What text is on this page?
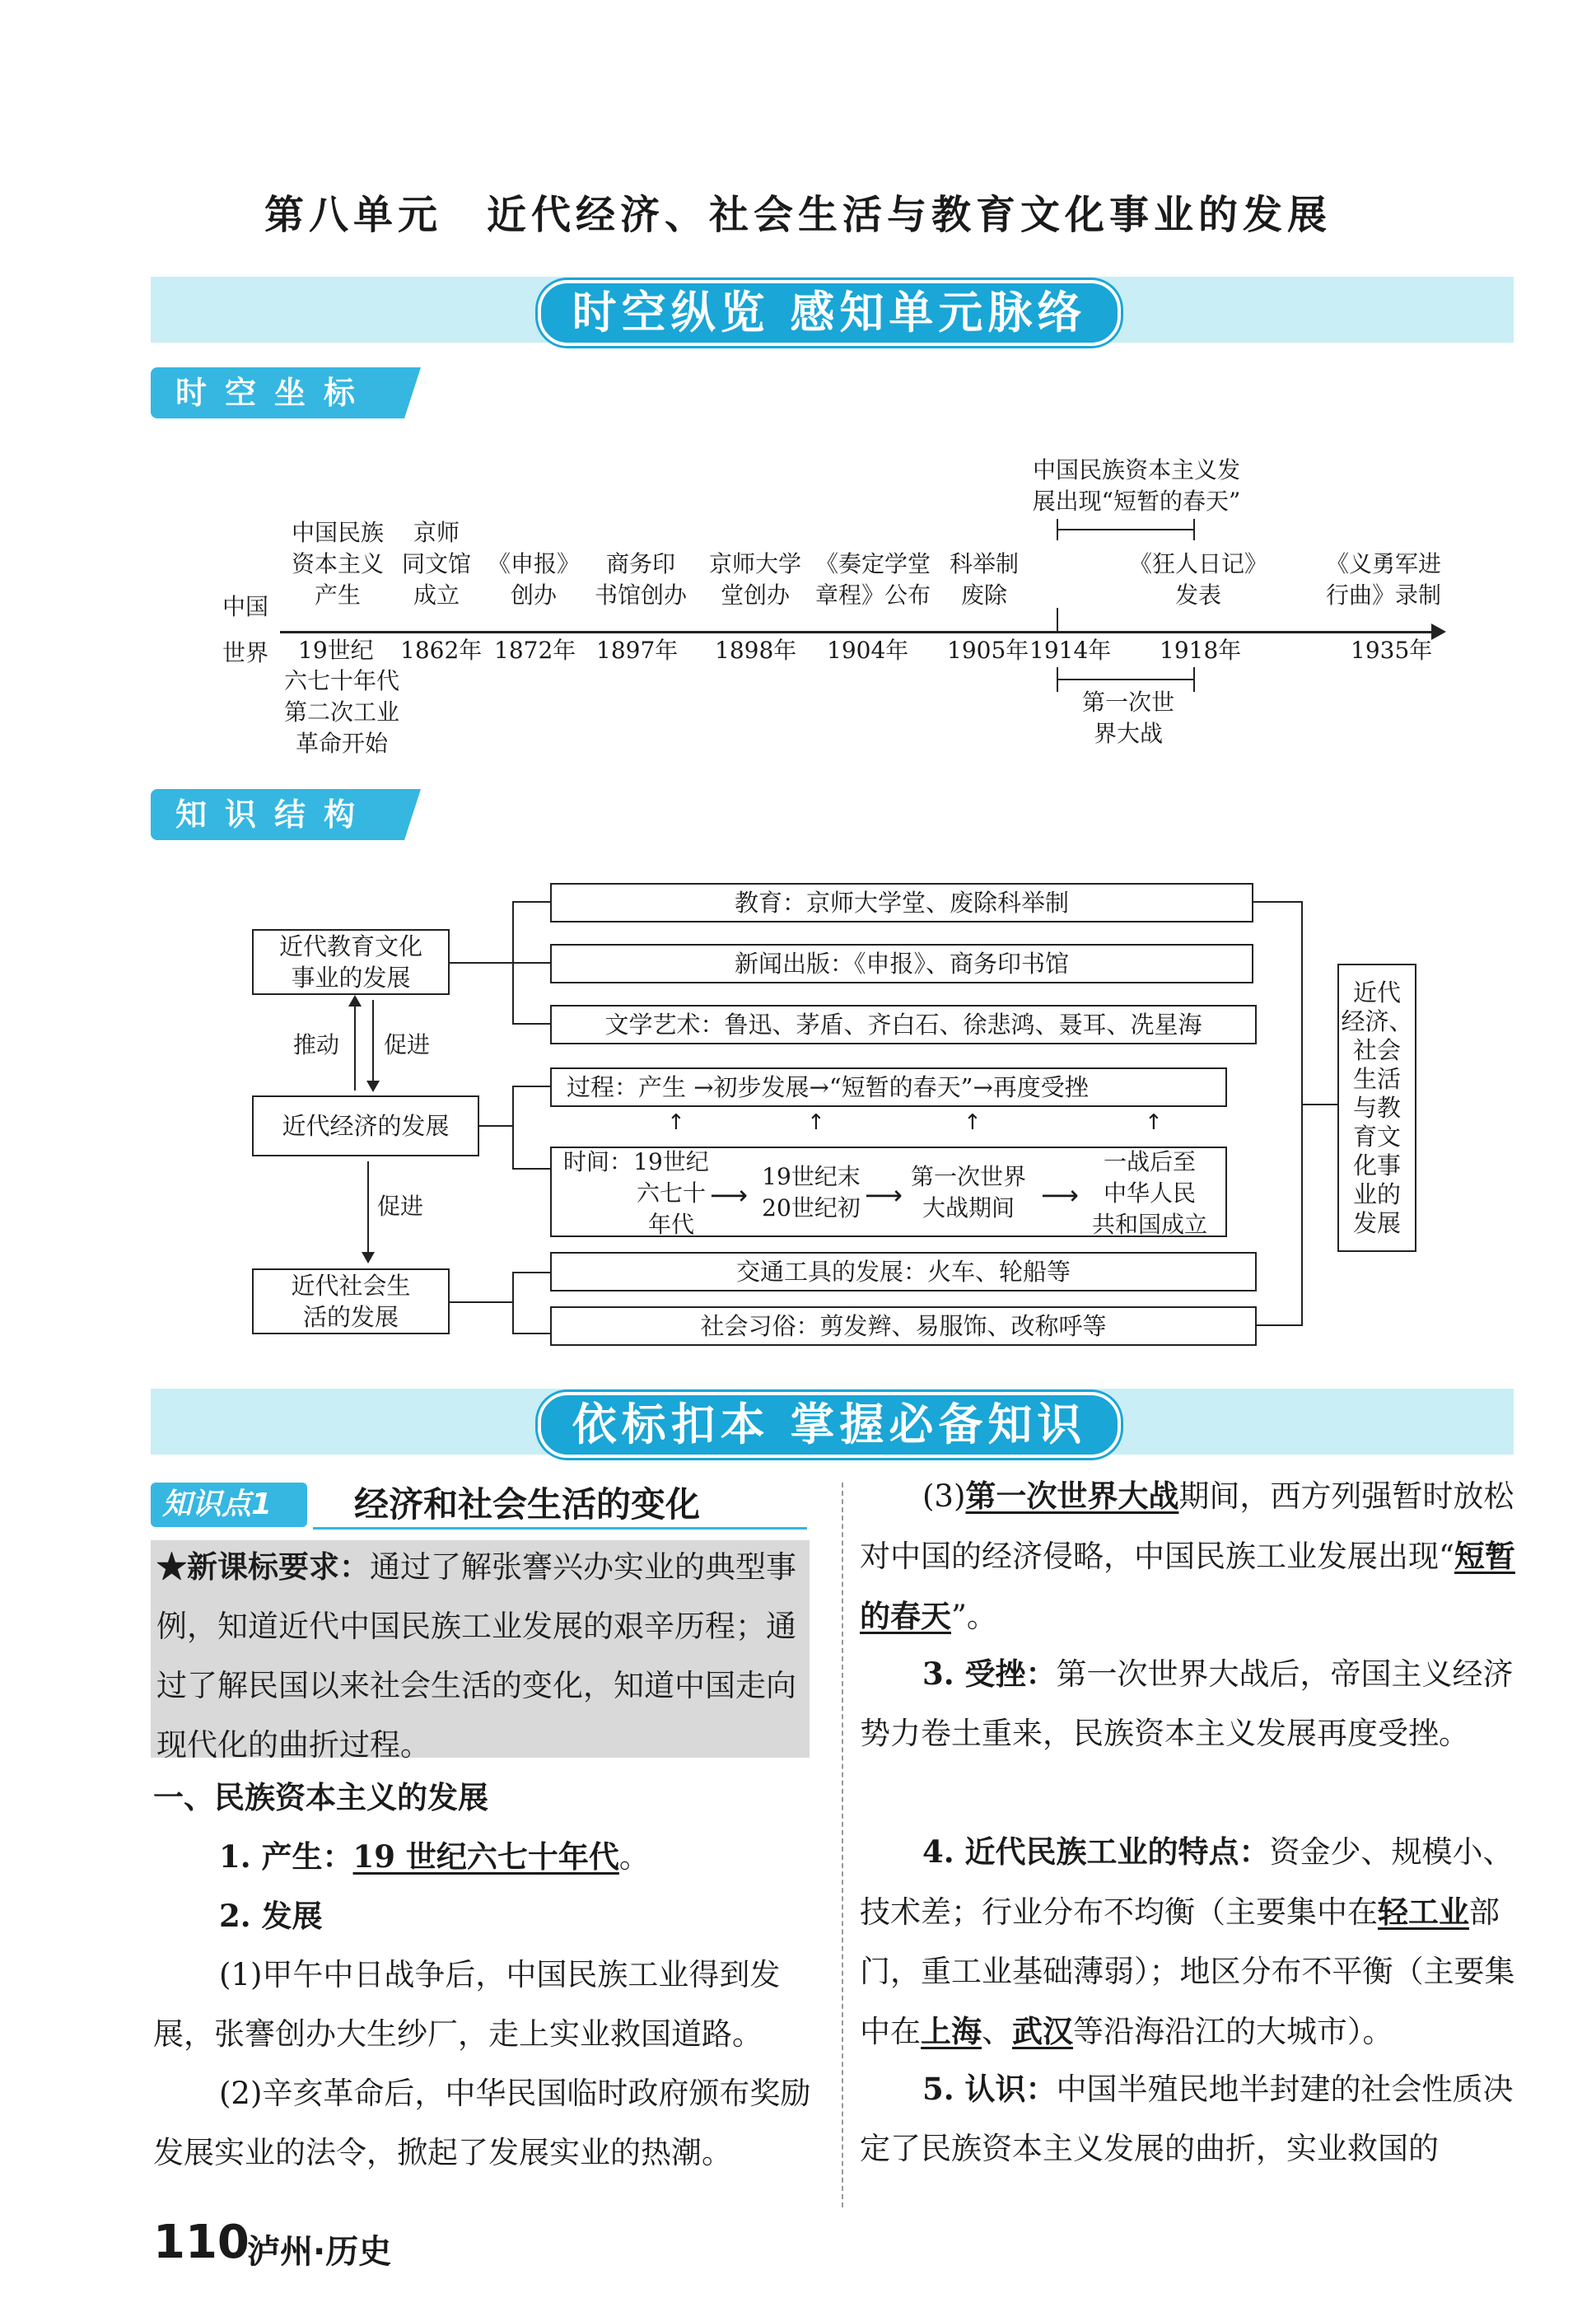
第八单元　近代经济、社会生活与教育文化事业的发展
时空纵览 感知单元脉络
时空坐标
中国
世界
中国民族
资本主义
产生
京师
同文馆
成立
《申报》
创办
商务印
书馆创办
京师大学
堂创办
《奏定学堂
章程》公布
科举制
废除
中国民族资本主义发
展出现“短暂的春天”
《狂人日记》
发表
《义勇军进
行曲》录制
19世纪 1862年 1872年 1897年 1898年 1904年 1905年 1914年 1918年	1935年
六七十年代
第二次工业
革命开始
第一次世
界大战
知识结构
近代教育文化
事业的发展
近代经济的发展
近代社会生
活的发展
推动 促进
促进
教育：京师大学堂、废除科举制
新闻出版：《申报》、商务印书馆
文学艺术：鲁迅、茅盾、齐白石、徐悲鸿、聂耳、冼星海
过程：产生 →初步发展→“短暂的春天”→再度受挫
时间： 19世纪
六七十
年代
19世纪末
20世纪初
第一次世界
大战期间
一战后至
中华人民
共和国成立
⟶	⟶	⟶
↑	↑	↑	↑
交通工具的发展：火车、轮船等
社会习俗：剪发辫、易服饰、改称呼等
近代
经济、
社会
生活
与教
育文
化事
业的
发展
依标扣本 掌握必备知识
知识点1	经济和社会生活的变化
★新课标要求：通过了解张謇兴办实业的典型事例，知道近代中国民族工业发展的艰辛历程；通过了解民国以来社会生活的变化，知道中国走向现代化的曲折过程。
一、民族资本主义的发展
1. 产生：19 世纪六七十年代。
2. 发展
(1)甲午中日战争后，中国民族工业得到发展，张謇创办大生纱厂，走上实业救国道路。
(2)辛亥革命后，中华民国临时政府颁布奖励发展实业的法令，掀起了发展实业的热潮。
(3)第一次世界大战期间，西方列强暂时放松对中国的经济侵略，中国民族工业发展出现“短暂的春天”。
3. 受挫：第一次世界大战后，帝国主义经济势力卷土重来，民族资本主义发展再度受挫。
4. 近代民族工业的特点：资金少、规模小、技术差；行业分布不均衡（主要集中在轻工业部门，重工业基础薄弱）；地区分布不平衡（主要集中在上海、武汉等沿海沿江的大城市）。
5. 认识：中国半殖民地半封建的社会性质决定了民族资本主义发展的曲折，实业救国的
110
泸州·历史
